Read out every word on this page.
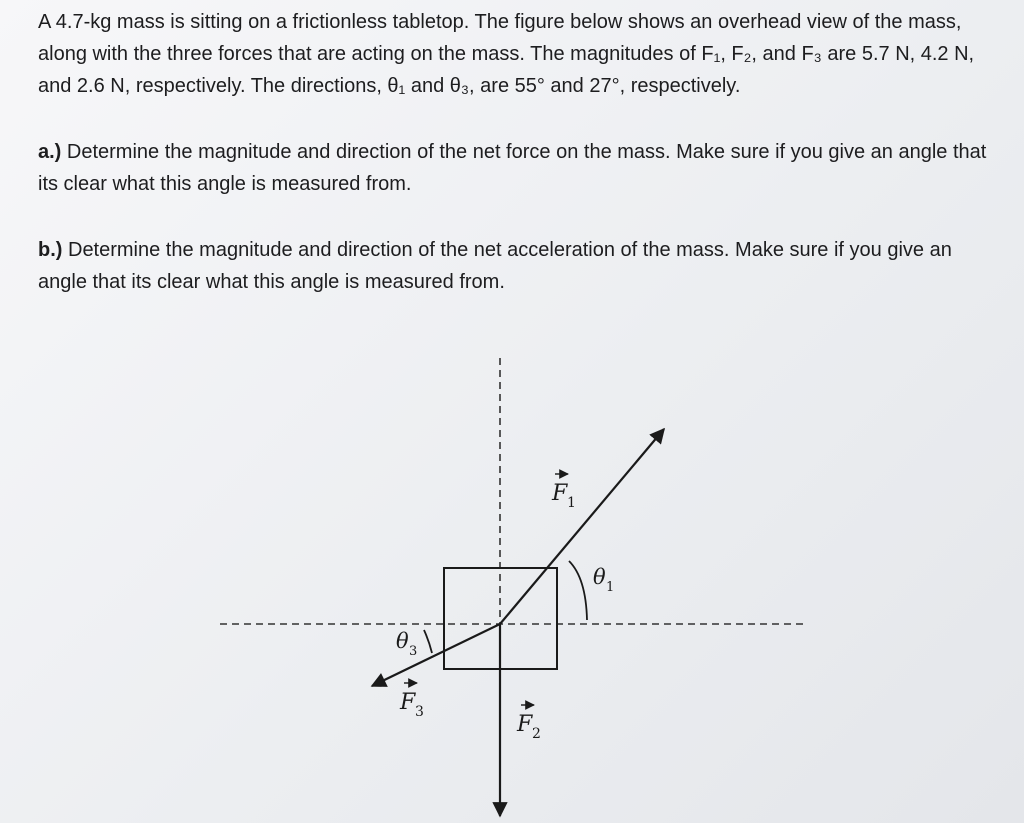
A 4.7-kg mass is sitting on a frictionless tabletop. The figure below shows an overhead view of the mass, along with the three forces that are acting on the mass. The magnitudes of F₁, F₂, and F₃ are 5.7 N, 4.2 N, and 2.6 N, respectively. The directions, θ₁ and θ₃, are 55° and 27°, respectively.

a.) Determine the magnitude and direction of the net force on the mass. Make sure if you give an angle that its clear what this angle is measured from.

b.) Determine the magnitude and direction of the net acceleration of the mass. Make sure if you give an angle that its clear what this angle is measured from.

F 1
F 2
F 3
θ 1
θ 3
